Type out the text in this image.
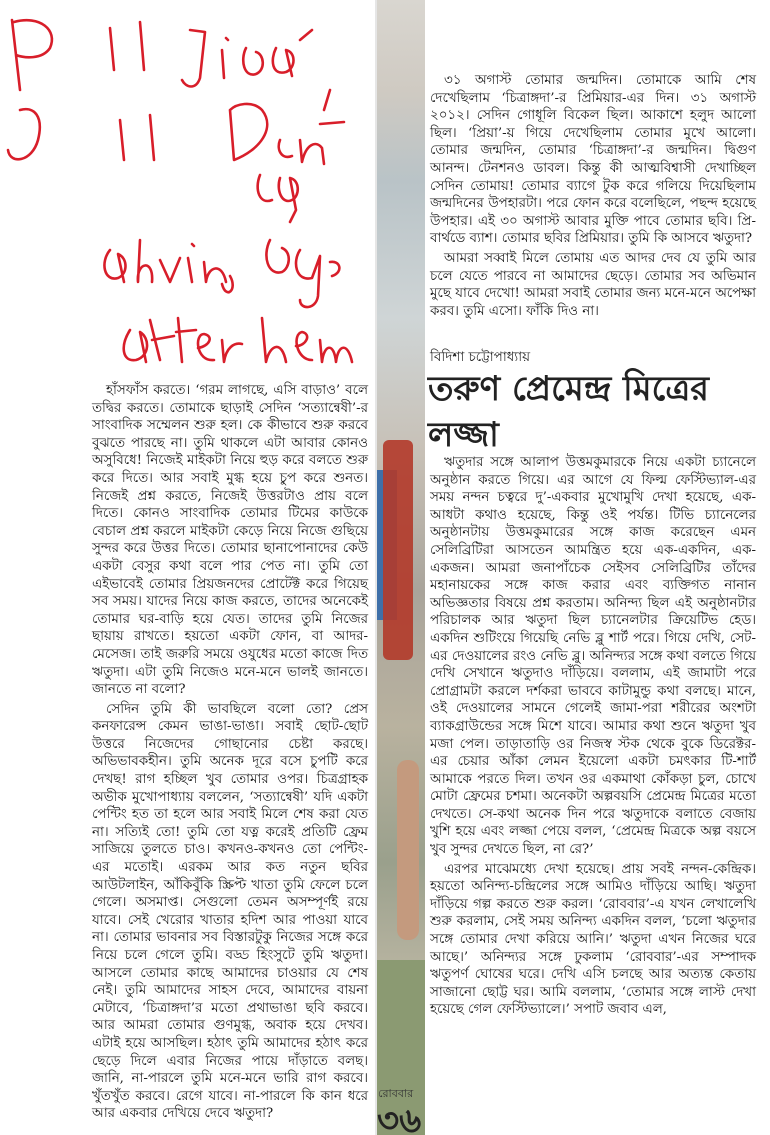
হাঁসফাঁস করতে। ‘গরম লাগছে, এসি বাড়াও’ বলে তদ্বির করতে। তোমাকে ছাড়াই সেদিন ‘সত্যান্বেষী’-র সাংবাদিক সম্মেলন শুরু হল। কে কীভাবে শুরু করবে বুঝতে পারছে না। তুমি থাকলে এটা আবার কোনও অসুবিধে! নিজেই মাইকটা নিয়ে হুড় করে বলতে শুরু করে দিতে। আর সবাই মুগ্ধ হয়ে চুপ করে শুনত। নিজেই প্রশ্ন করতে, নিজেই উত্তরটাও প্রায় বলে দিতে। কোনও সাংবাদিক তোমার টিমের কাউকে বেচাল প্রশ্ন করলে মাইকটা কেড়ে নিয়ে নিজে গুছিয়ে সুন্দর করে উত্তর দিতে। তোমার ছানাপোনাদের কেউ একটা বেসুর কথা বলে পার পেত না। তুমি তো এইভাবেই তোমার প্রিয়জনদের প্রোটেক্ট করে গিয়েছ সব সময়। যাদের নিয়ে কাজ করতে, তাদের অনেকেই তোমার ঘর-বাড়ি হয়ে যেত। তাদের তুমি নিজের ছায়ায় রাখতে। হয়তো একটা ফোন, বা আদর-মেসেজ। তাই জরুরি সময়ে ওযুধের মতো কাজে দিত ঋতুদা। এটা তুমি নিজেও মনে-মনে ভালই জানতে। জানতে না বলো?

সেদিন তুমি কী ভাবছিলে বলো তো? প্রেস কনফারেন্স কেমন ভাঙা-ভাঙা। সবাই ছোট-ছোট উত্তরে নিজেদের গোছানোর চেষ্টা করছে। অভিভাবকহীন। তুমি অনেক দূরে বসে চুপটি করে দেখছ! রাগ হচ্ছিল খুব তোমার ওপর। চিত্রগ্রাহক অভীক মুখোপাধ্যায় বললেন, ‘সত্যান্বেষী’ যদি একটা পেন্টিং হত তা হলে আর সবাই মিলে শেষ করা যেত না। সত্যিই তো! তুমি তো যত্ন করেই প্রতিটি ফ্রেম সাজিয়ে তুলতে চাও। কখনও-কখনও তো পেন্টিং-এর মতোই। এরকম আর কত নতুন ছবির আউটলাইন, আঁকিবুঁকি স্ক্রিপ্ট খাতা তুমি ফেলে চলে গেলে। অসমাপ্ত। সেগুলো তেমন অসম্পূর্ণই রয়ে যাবে। সেই খেরোর খাতার হদিশ আর পাওয়া যাবে না। তোমার ভাবনার সব বিস্তারটুকু নিজের সঙ্গে করে নিয়ে চলে গেলে তুমি। বড্ড হিংসুটে তুমি ঋতুদা। আসলে তোমার কাছে আমাদের চাওয়ার যে শেষ নেই। তুমি আমাদের সাহস দেবে, আমাদের বায়না মেটাবে, ‘চিত্রাঙ্গদা’র মতো প্রথাভাঙা ছবি করবে। আর আমরা তোমার গুণমুগ্ধ, অবাক হয়ে দেখব। এটাই হয়ে আসছিল। হঠাৎ তুমি আমাদের হঠাৎ করে ছেড়ে দিলে এবার নিজের পায়ে দাঁড়াতে বলছ। জানি, না-পারলে তুমি মনে-মনে ভারি রাগ করবে। খুঁতখুঁত করবে। রেগে যাবে। না-পারলে কি কান ধরে আর একবার দেখিয়ে দেবে ঋতুদা?

৩১ অগাস্ট তোমার জন্মদিন। তোমাকে আমি শেষ দেখেছিলাম ‘চিত্রাঙ্গদা’-র প্রিমিয়ার-এর দিন। ৩১ অগাস্ট ২০১২। সেদিন গোধূলি বিকেল ছিল। আকাশে হলুদ আলো ছিল। ‘প্রিয়া’-য় গিয়ে দেখেছিলাম তোমার মুখে আলো। তোমার জন্মদিন, তোমার ‘চিত্রাঙ্গদা’-র জন্মদিন। দ্বিগুণ আনন্দ। টেনশনও ডাবল। কিন্তু কী আত্মবিশ্বাসী দেখাচ্ছিল সেদিন তোমায়! তোমার ব্যাগে টুক করে গলিয়ে দিয়েছিলাম জন্মদিনের উপহারটা। পরে ফোন করে বলেছিলে, পছন্দ হয়েছে উপহার। এই ৩০ অগাস্ট আবার মুক্তি পাবে তোমার ছবি। প্রি-বার্থডে ব্যাশ। তোমার ছবির প্রিমিয়ার। তুমি কি আসবে ঋতুদা?

আমরা সব্বাই মিলে তোমায় এত আদর দেব যে তুমি আর চলে যেতে পারবে না আমাদের ছেড়ে। তোমার সব অভিমান মুছে যাবে দেখো! আমরা সবাই তোমার জন্য মনে-মনে অপেক্ষা করব। তুমি এসো। ফাঁকি দিও না।

বিদিশা চট্টোপাধ্যায়
তরুণ প্রেমেন্দ্র মিত্রের লজ্জা

ঋতুদার সঙ্গে আলাপ উত্তমকুমারকে নিয়ে একটা চ্যানেলে অনুষ্ঠান করতে গিয়ে। এর আগে যে ফিল্ম ফেস্টিভ্যাল-এর সময় নন্দন চত্বরে দু’-একবার মুখোমুখি দেখা হয়েছে, এক-আধটা কথাও হয়েছে, কিন্তু ওই পর্যন্ত। টিভি চ্যানেলের অনুষ্ঠানটায় উত্তমকুমারের সঙ্গে কাজ করেছেন এমন সেলিব্রিটিরা আসতেন আমন্ত্রিত হয়ে এক-একদিন, এক-একজন। আমরা জনাপাঁচেক সেইসব সেলিব্রিটির তাঁদের মহানায়কের সঙ্গে কাজ করার এবং ব্যক্তিগত নানান অভিজ্ঞতার বিষয়ে প্রশ্ন করতাম। অনিন্দ্য ছিল এই অনুষ্ঠানটার পরিচালক আর ঋতুদা ছিল চ্যানেলটার ক্রিয়েটিভ হেড। একদিন শুটিংয়ে গিয়েছি নেভি ব্লু শার্ট পরে। গিয়ে দেখি, সেট-এর দেওয়ালের রংও নেভি ব্লু। অনিন্দ্যর সঙ্গে কথা বলতে গিয়ে দেখি সেখানে ঋতুদাও দাঁড়িয়ে। বললাম, এই জামাটা পরে প্রোগ্রামটা করলে দর্শকরা ভাববে কাটামুন্ডু কথা বলছে। মানে, ওই দেওয়ালের সামনে গেলেই জামা-পরা শরীরের অংশটা ব্যাকগ্রাউন্ডের সঙ্গে মিশে যাবে। আমার কথা শুনে ঋতুদা খুব মজা পেল। তাড়াতাড়ি ওর নিজস্ব স্টক থেকে বুকে ডিরেক্টর-এর চেয়ার আঁকা লেমন ইয়েলো একটা চমৎকার টি-শার্ট আমাকে পরতে দিল। তখন ওর একমাথা কোঁকড়া চুল, চোখে মোটা ফ্রেমের চশমা। অনেকটা অল্পবয়সি প্রেমেন্দ্র মিত্রের মতো দেখতে। সে-কথা অনেক দিন পরে ঋতুদাকে বলাতে বেজায় খুশি হয়ে এবং লজ্জা পেয়ে বলল, ‘প্রেমেন্দ্র মিত্রকে অল্প বয়সে খুব সুন্দর দেখতে ছিল, না রে?’

এরপর মাঝেমধ্যে দেখা হয়েছে। প্রায় সবই নন্দন-কেন্দ্রিক। হয়তো অনিন্দ্য-চন্দ্রিলের সঙ্গে আমিও দাঁড়িয়ে আছি। ঋতুদা দাঁড়িয়ে গল্প করতে শুরু করল। ‘রোববার’-এ যখন লেখালেখি শুরু করলাম, সেই সময় অনিন্দ্য একদিন বলল, ‘চলো ঋতুদার সঙ্গে তোমার দেখা করিয়ে আনি।’ ঋতুদা এখন নিজের ঘরে আছে।’ অনিন্দ্যর সঙ্গে ঢুকলাম ‘রোববার’-এর সম্পাদক ঋতুপর্ণ ঘোষের ঘরে। দেখি এসি চলছে আর অত্যন্ত কেতায় সাজানো ছোট্ট ঘর। আমি বললাম, ‘তোমার সঙ্গে লাস্ট দেখা হয়েছে গেল ফেস্টিভ্যালে।’ সপাট জবাব এল,

রোববার
৩৬
